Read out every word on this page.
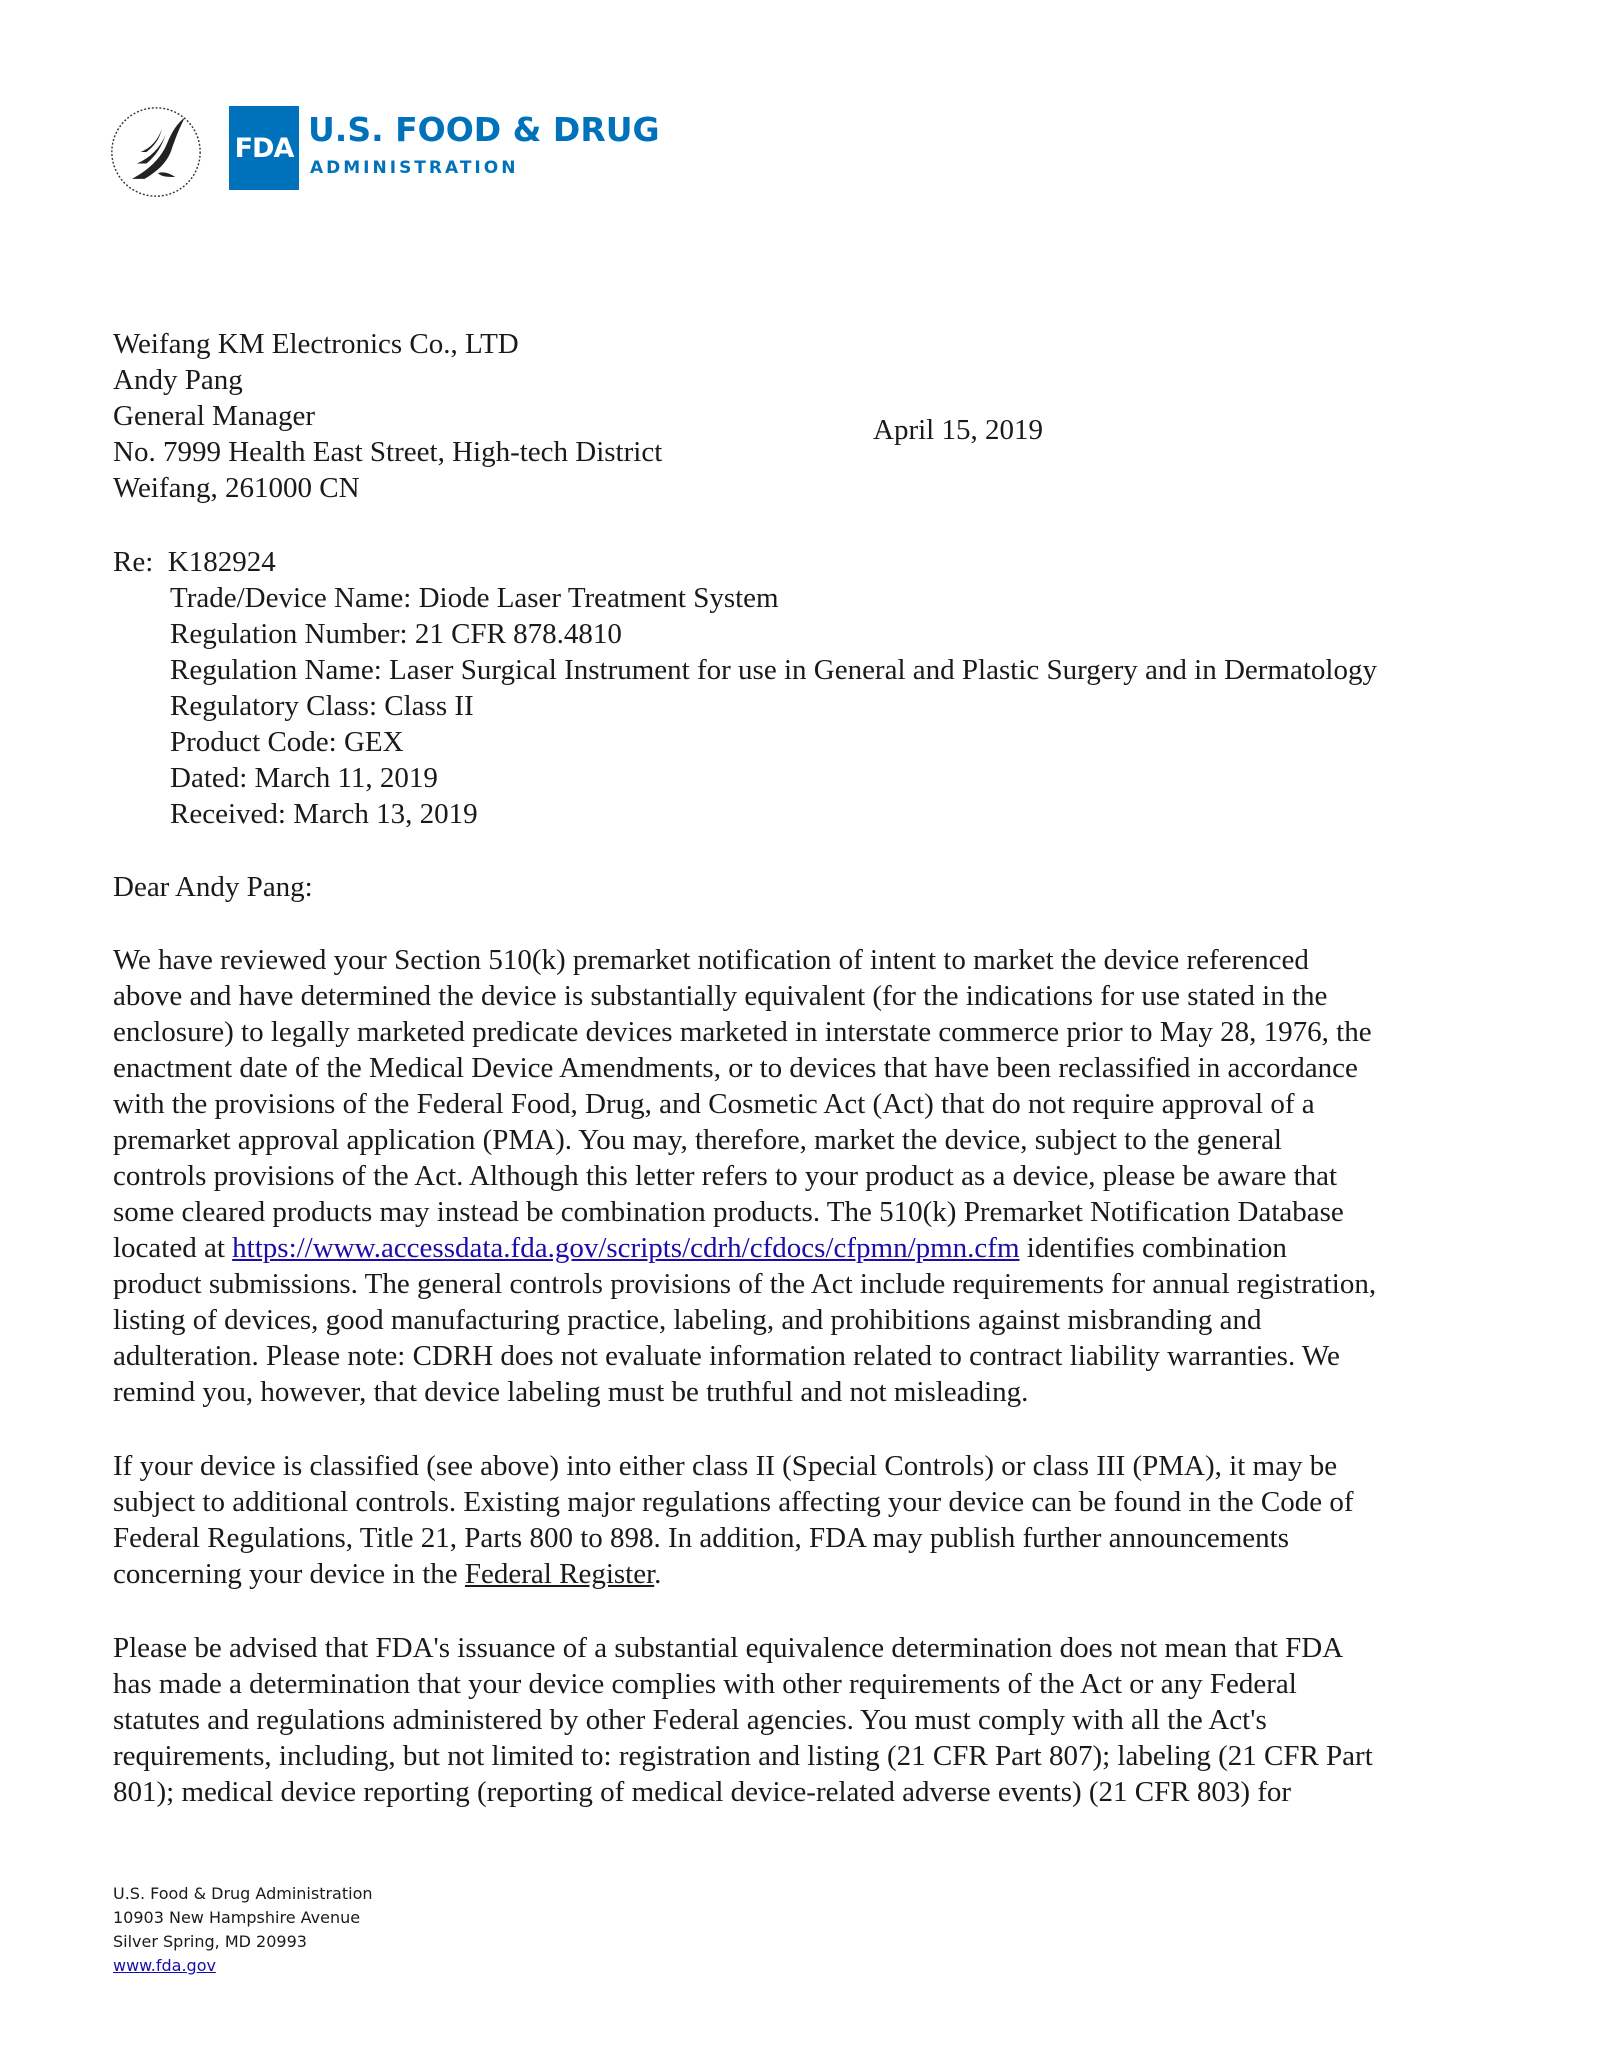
FDA U.S. FOOD & DRUG
ADMINISTRATION
Weifang KM Electronics Co., LTD
Andy Pang
General Manager
No. 7999 Health East Street, High-tech District
Weifang, 261000 CN
April 15, 2019
Re: K182924
Trade/Device Name: Diode Laser Treatment System
Regulation Number: 21 CFR 878.4810
Regulation Name: Laser Surgical Instrument for use in General and Plastic Surgery and in Dermatology
Regulatory Class: Class II
Product Code: GEX
Dated: March 11, 2019
Received: March 13, 2019
Dear Andy Pang:
We have reviewed your Section 510(k) premarket notification of intent to market the device referenced
above and have determined the device is substantially equivalent (for the indications for use stated in the
enclosure) to legally marketed predicate devices marketed in interstate commerce prior to May 28, 1976, the
enactment date of the Medical Device Amendments, or to devices that have been reclassified in accordance
with the provisions of the Federal Food, Drug, and Cosmetic Act (Act) that do not require approval of a
premarket approval application (PMA). You may, therefore, market the device, subject to the general
controls provisions of the Act. Although this letter refers to your product as a device, please be aware that
some cleared products may instead be combination products. The 510(k) Premarket Notification Database
located at https://www.accessdata.fda.gov/scripts/cdrh/cfdocs/cfpmn/pmn.cfm identifies combination
product submissions. The general controls provisions of the Act include requirements for annual registration,
listing of devices, good manufacturing practice, labeling, and prohibitions against misbranding and
adulteration. Please note: CDRH does not evaluate information related to contract liability warranties. We
remind you, however, that device labeling must be truthful and not misleading.
If your device is classified (see above) into either class II (Special Controls) or class III (PMA), it may be
subject to additional controls. Existing major regulations affecting your device can be found in the Code of
Federal Regulations, Title 21, Parts 800 to 898. In addition, FDA may publish further announcements
concerning your device in the Federal Register.
Please be advised that FDA's issuance of a substantial equivalence determination does not mean that FDA
has made a determination that your device complies with other requirements of the Act or any Federal
statutes and regulations administered by other Federal agencies. You must comply with all the Act's
requirements, including, but not limited to: registration and listing (21 CFR Part 807); labeling (21 CFR Part
801); medical device reporting (reporting of medical device-related adverse events) (21 CFR 803) for
U.S. Food & Drug Administration
10903 New Hampshire Avenue
Silver Spring, MD 20993
www.fda.gov
